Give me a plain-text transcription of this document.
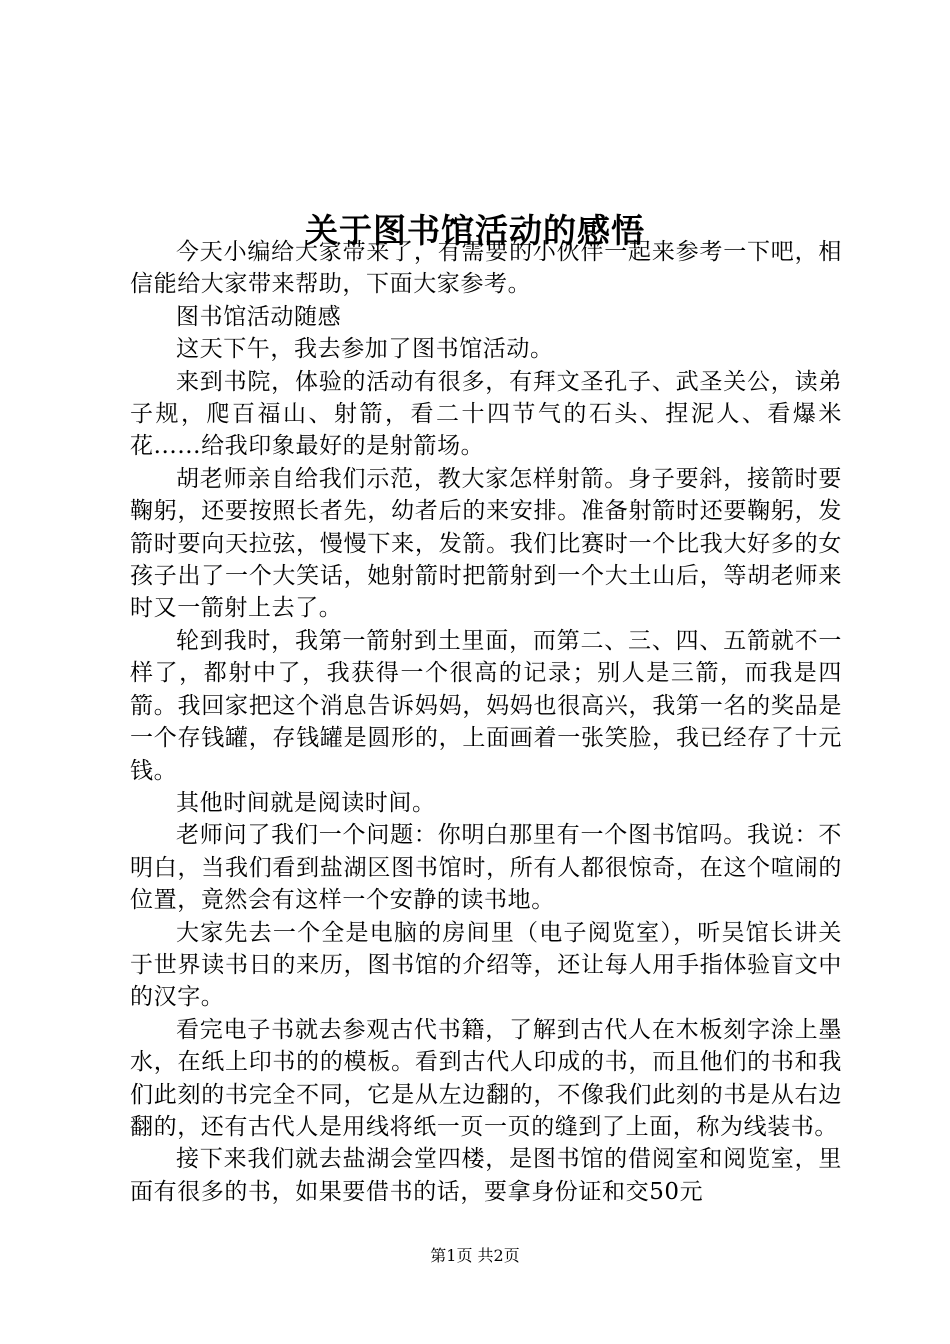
关于图书馆活动的感悟

今天小编给大家带来了，有需要的小伙伴一起来参考一下吧，相信能给大家带来帮助，下面大家参考。

图书馆活动随感

这天下午，我去参加了图书馆活动。

来到书院，体验的活动有很多，有拜文圣孔子、武圣关公，读弟子规，爬百福山、射箭，看二十四节气的石头、捏泥人、看爆米花......给我印象最好的是射箭场。

胡老师亲自给我们示范，教大家怎样射箭。身子要斜，接箭时要鞠躬，还要按照长者先，幼者后的来安排。准备射箭时还要鞠躬，发箭时要向天拉弦，慢慢下来，发箭。我们比赛时一个比我大好多的女孩子出了一个大笑话，她射箭时把箭射到一个大土山后，等胡老师来时又一箭射上去了。

轮到我时，我第一箭射到土里面，而第二、三、四、五箭就不一样了，都射中了，我获得一个很高的记录；别人是三箭，而我是四箭。我回家把这个消息告诉妈妈，妈妈也很高兴，我第一名的奖品是一个存钱罐，存钱罐是圆形的，上面画着一张笑脸，我已经存了十元钱。

其他时间就是阅读时间。

老师问了我们一个问题：你明白那里有一个图书馆吗。我说：不明白，当我们看到盐湖区图书馆时，所有人都很惊奇，在这个喧闹的位置，竟然会有这样一个安静的读书地。

大家先去一个全是电脑的房间里（电子阅览室），听吴馆长讲关于世界读书日的来历，图书馆的介绍等，还让每人用手指体验盲文中的汉字。

看完电子书就去参观古代书籍，了解到古代人在木板刻字涂上墨水，在纸上印书的的模板。看到古代人印成的书，而且他们的书和我们此刻的书完全不同，它是从左边翻的，不像我们此刻的书是从右边翻的，还有古代人是用线将纸一页一页的缝到了上面，称为线装书。

接下来我们就去盐湖会堂四楼，是图书馆的借阅室和阅览室，里面有很多的书，如果要借书的话，要拿身份证和交50元

第1页 共2页
